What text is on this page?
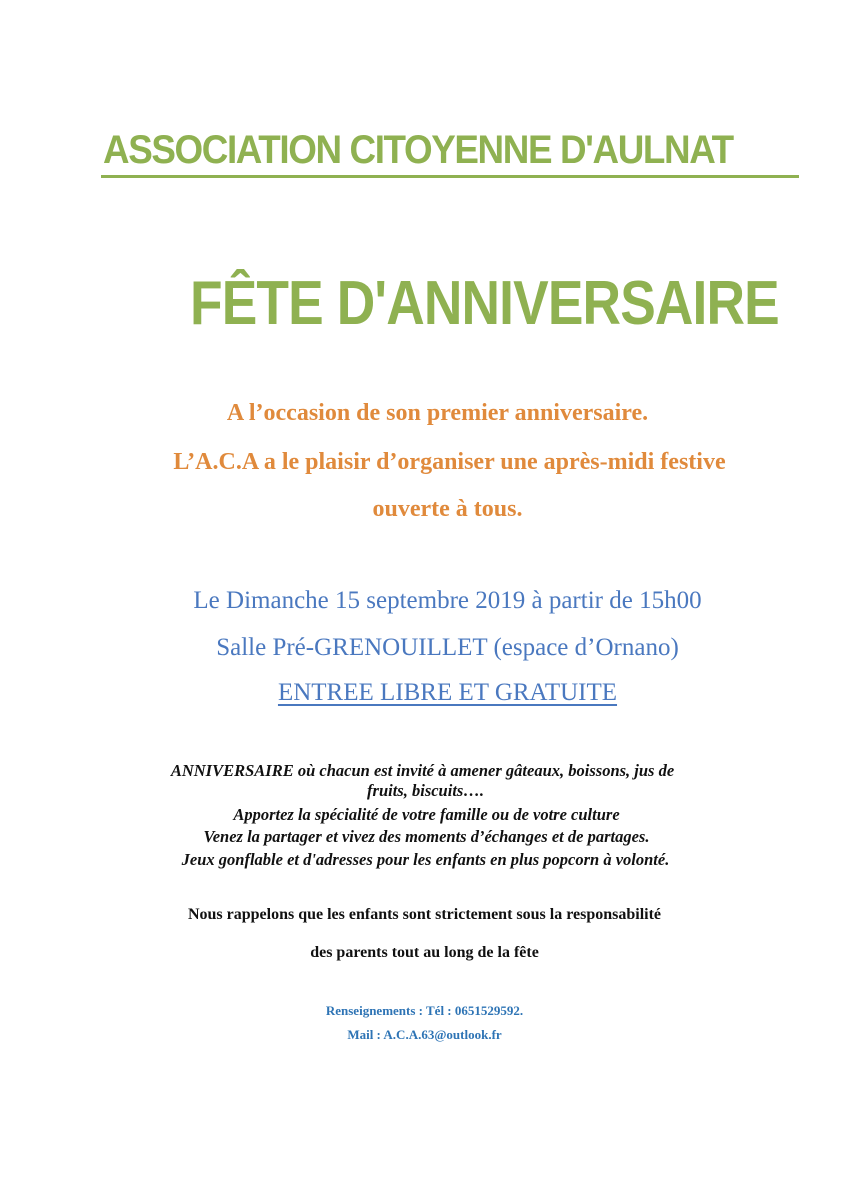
ASSOCIATION CITOYENNE D'AULNAT
FÊTE D'ANNIVERSAIRE
A l’occasion de son premier anniversaire.
L’A.C.A a le plaisir d’organiser une après-midi festive
ouverte à tous.
Le Dimanche 15 septembre 2019 à partir de 15h00
Salle Pré-GRENOUILLET (espace d’Ornano)
ENTREE LIBRE ET GRATUITE
ANNIVERSAIRE où chacun est invité à amener gâteaux, boissons, jus de
fruits, biscuits….
Apportez la spécialité de votre famille ou de votre culture
Venez la partager et vivez des moments d’échanges et de partages.
Jeux gonflable et d'adresses pour les enfants en plus popcorn à volonté.
Nous rappelons que les enfants sont strictement sous la responsabilité
des parents tout au long de la fête
Renseignements : Tél : 0651529592.
Mail : A.C.A.63@outlook.fr
